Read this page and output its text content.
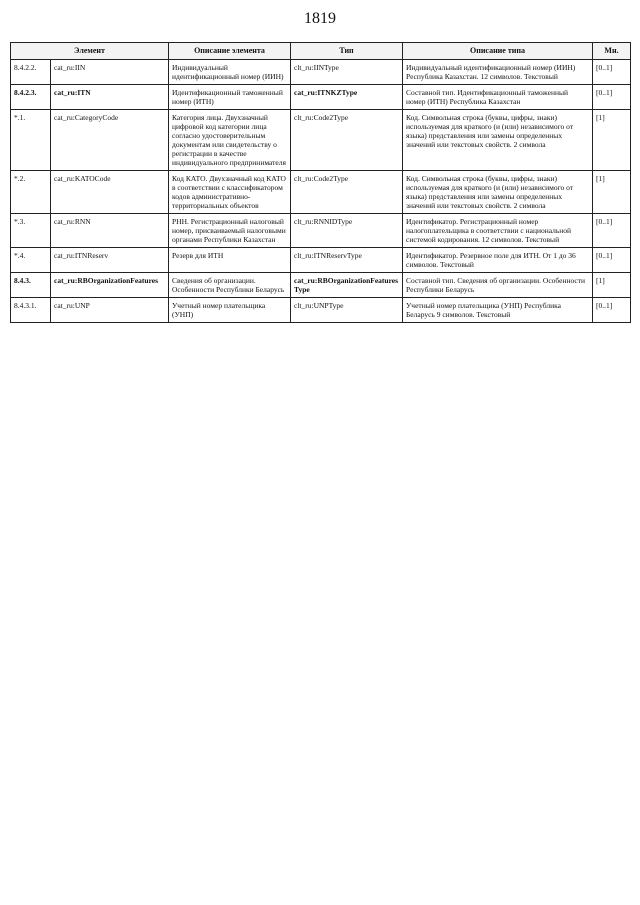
1819
Элемент		Описание элемента	Тип	Описание типа	Мн.
8.4.2.2.	cat_ru:IIN	Индивидуальный идентификационный номер (ИИН)	clt_ru:IINType	Индивидуальный идентификационный номер (ИИН) Республика Казахстан. 12 символов. Текстовый	[0..1]
8.4.2.3.	cat_ru:ITN	Идентификационный таможенный номер (ИТН)	cat_ru:ITNKZType	Составной тип. Идентификационный таможенный номер (ИТН) Республика Казахстан	[0..1]
*.1.	cat_ru:CategoryCode	Категория лица. Двухзначный цифровой код категории лица согласно удостоверительным документам или свидетельству о регистрации в качестве индивидуального предпринимателя	clt_ru:Code2Type	Код. Символьная строка (буквы, цифры, знаки) используемая для краткого (и (или) независимого от языка) представления или замены определенных значений или текстовых свойств. 2 символа	[1]
*.2.	cat_ru:KATOCode	Код КАТО. Двухзначный код КАТО в соответствии с классификатором кодов административно-территориальных объектов	clt_ru:Code2Type	Код. Символьная строка (буквы, цифры, знаки) используемая для краткого (и (или) независимого от языка) представления или замены определенных значений или текстовых свойств. 2 символа	[1]
*.3.	cat_ru:RNN	РНН. Регистрационный налоговый номер, присваиваемый налоговыми органами Республики Казахстан	clt_ru:RNNIDType	Идентификатор. Регистрационный номер налогоплательщика в соответствии с национальной системой кодирования. 12 символов. Текстовый	[0..1]
*.4.	cat_ru:ITNReserv	Резерв для ИТН	clt_ru:ITNReservType	Идентификатор. Резервное поле для ИТН. От 1 до 36 символов. Текстовый	[0..1]
8.4.3.	cat_ru:RBOrganizationFeatures	Сведения об организации. Особенности Республики Беларусь	cat_ru:RBOrganizationFeaturesType	Составной тип. Сведения об организации. Особенности Республики Беларусь	[1]
8.4.3.1.	cat_ru:UNP	Учетный номер плательщика (УНП)	clt_ru:UNPType	Учетный номер плательщика (УНП) Республика Беларусь 9 символов. Текстовый	[0..1]
